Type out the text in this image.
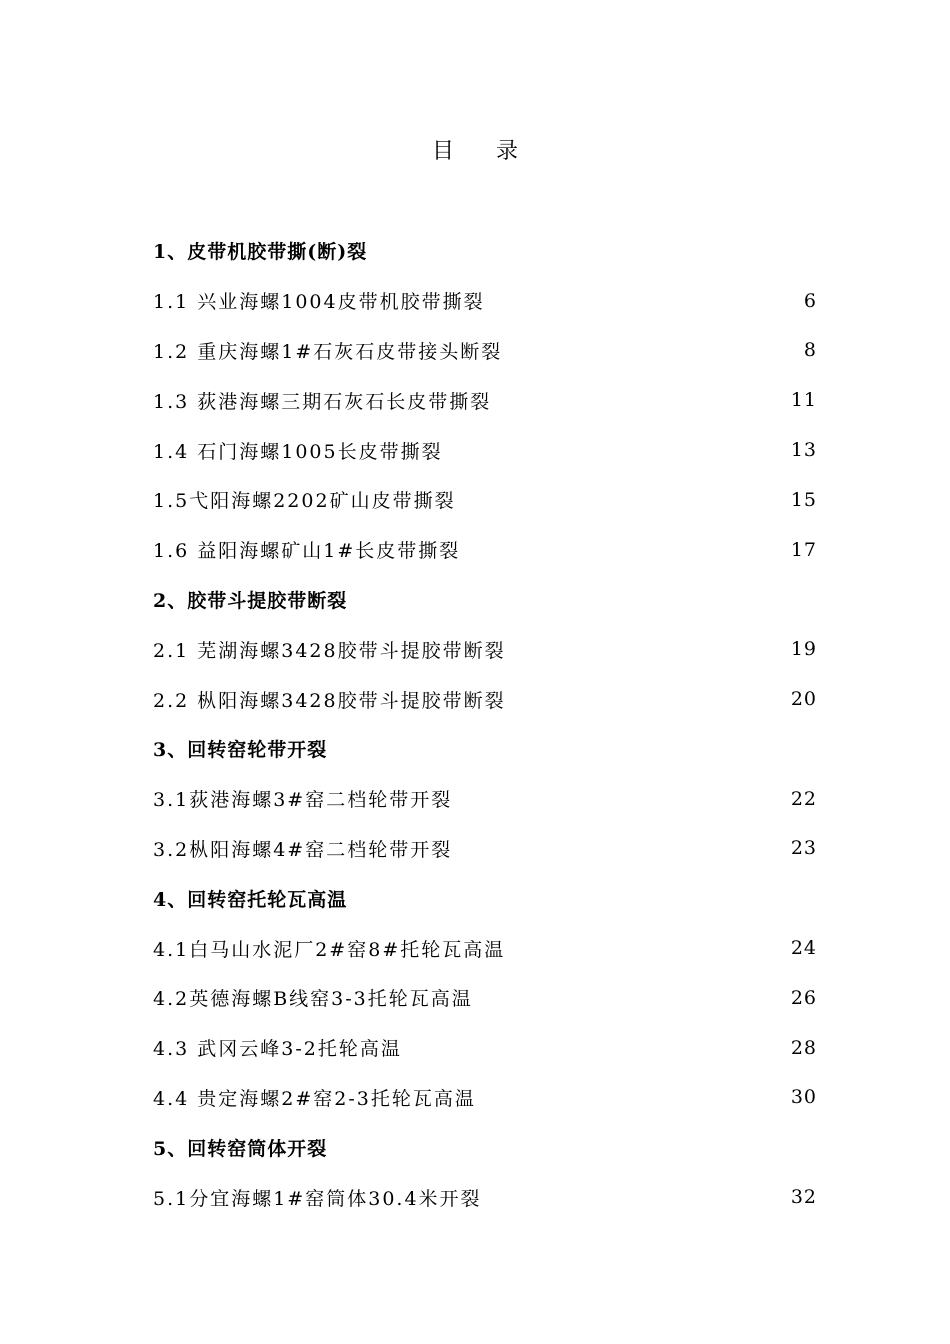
目录
1、皮带机胶带撕(断)裂
1.1 兴业海螺1004皮带机胶带撕裂	6
1.2 重庆海螺1#石灰石皮带接头断裂	8
1.3 荻港海螺三期石灰石长皮带撕裂	11
1.4 石门海螺1005长皮带撕裂	13
1.5弋阳海螺2202矿山皮带撕裂	15
1.6 益阳海螺矿山1#长皮带撕裂	17
2、胶带斗提胶带断裂
2.1 芜湖海螺3428胶带斗提胶带断裂	19
2.2 枞阳海螺3428胶带斗提胶带断裂	20
3、回转窑轮带开裂
3.1荻港海螺3#窑二档轮带开裂	22
3.2枞阳海螺4#窑二档轮带开裂	23
4、回转窑托轮瓦高温
4.1白马山水泥厂2#窑8#托轮瓦高温	24
4.2英德海螺B线窑3-3托轮瓦高温	26
4.3 武冈云峰3-2托轮高温	28
4.4 贵定海螺2#窑2-3托轮瓦高温	30
5、回转窑筒体开裂
5.1分宜海螺1#窑筒体30.4米开裂	32
